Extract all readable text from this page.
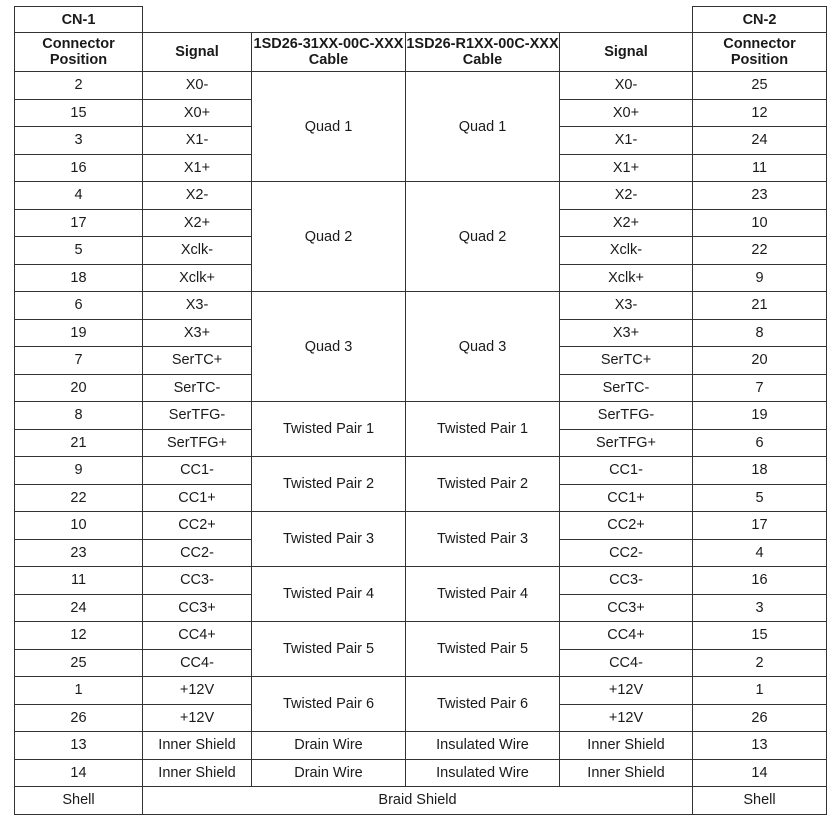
CN-1					CN-2
Connector Position	Signal	1SD26-31XX-00C-XXX Cable	1SD26-R1XX-00C-XXX Cable	Signal	Connector Position
2	X0-	Quad 1	Quad 1	X0-	25
15	X0+			X0+	12
3	X1-			X1-	24
16	X1+			X1+	11
4	X2-	Quad 2	Quad 2	X2-	23
17	X2+			X2+	10
5	Xclk-			Xclk-	22
18	Xclk+			Xclk+	9
6	X3-	Quad 3	Quad 3	X3-	21
19	X3+			X3+	8
7	SerTC+			SerTC+	20
20	SerTC-			SerTC-	7
8	SerTFG-	Twisted Pair 1	Twisted Pair 1	SerTFG-	19
21	SerTFG+			SerTFG+	6
9	CC1-	Twisted Pair 2	Twisted Pair 2	CC1-	18
22	CC1+			CC1+	5
10	CC2+	Twisted Pair 3	Twisted Pair 3	CC2+	17
23	CC2-			CC2-	4
11	CC3-	Twisted Pair 4	Twisted Pair 4	CC3-	16
24	CC3+			CC3+	3
12	CC4+	Twisted Pair 5	Twisted Pair 5	CC4+	15
25	CC4-			CC4-	2
1	+12V	Twisted Pair 6	Twisted Pair 6	+12V	1
26	+12V			+12V	26
13	Inner Shield	Drain Wire	Insulated Wire	Inner Shield	13
14	Inner Shield	Drain Wire	Insulated Wire	Inner Shield	14
Shell	Braid Shield				Shell
